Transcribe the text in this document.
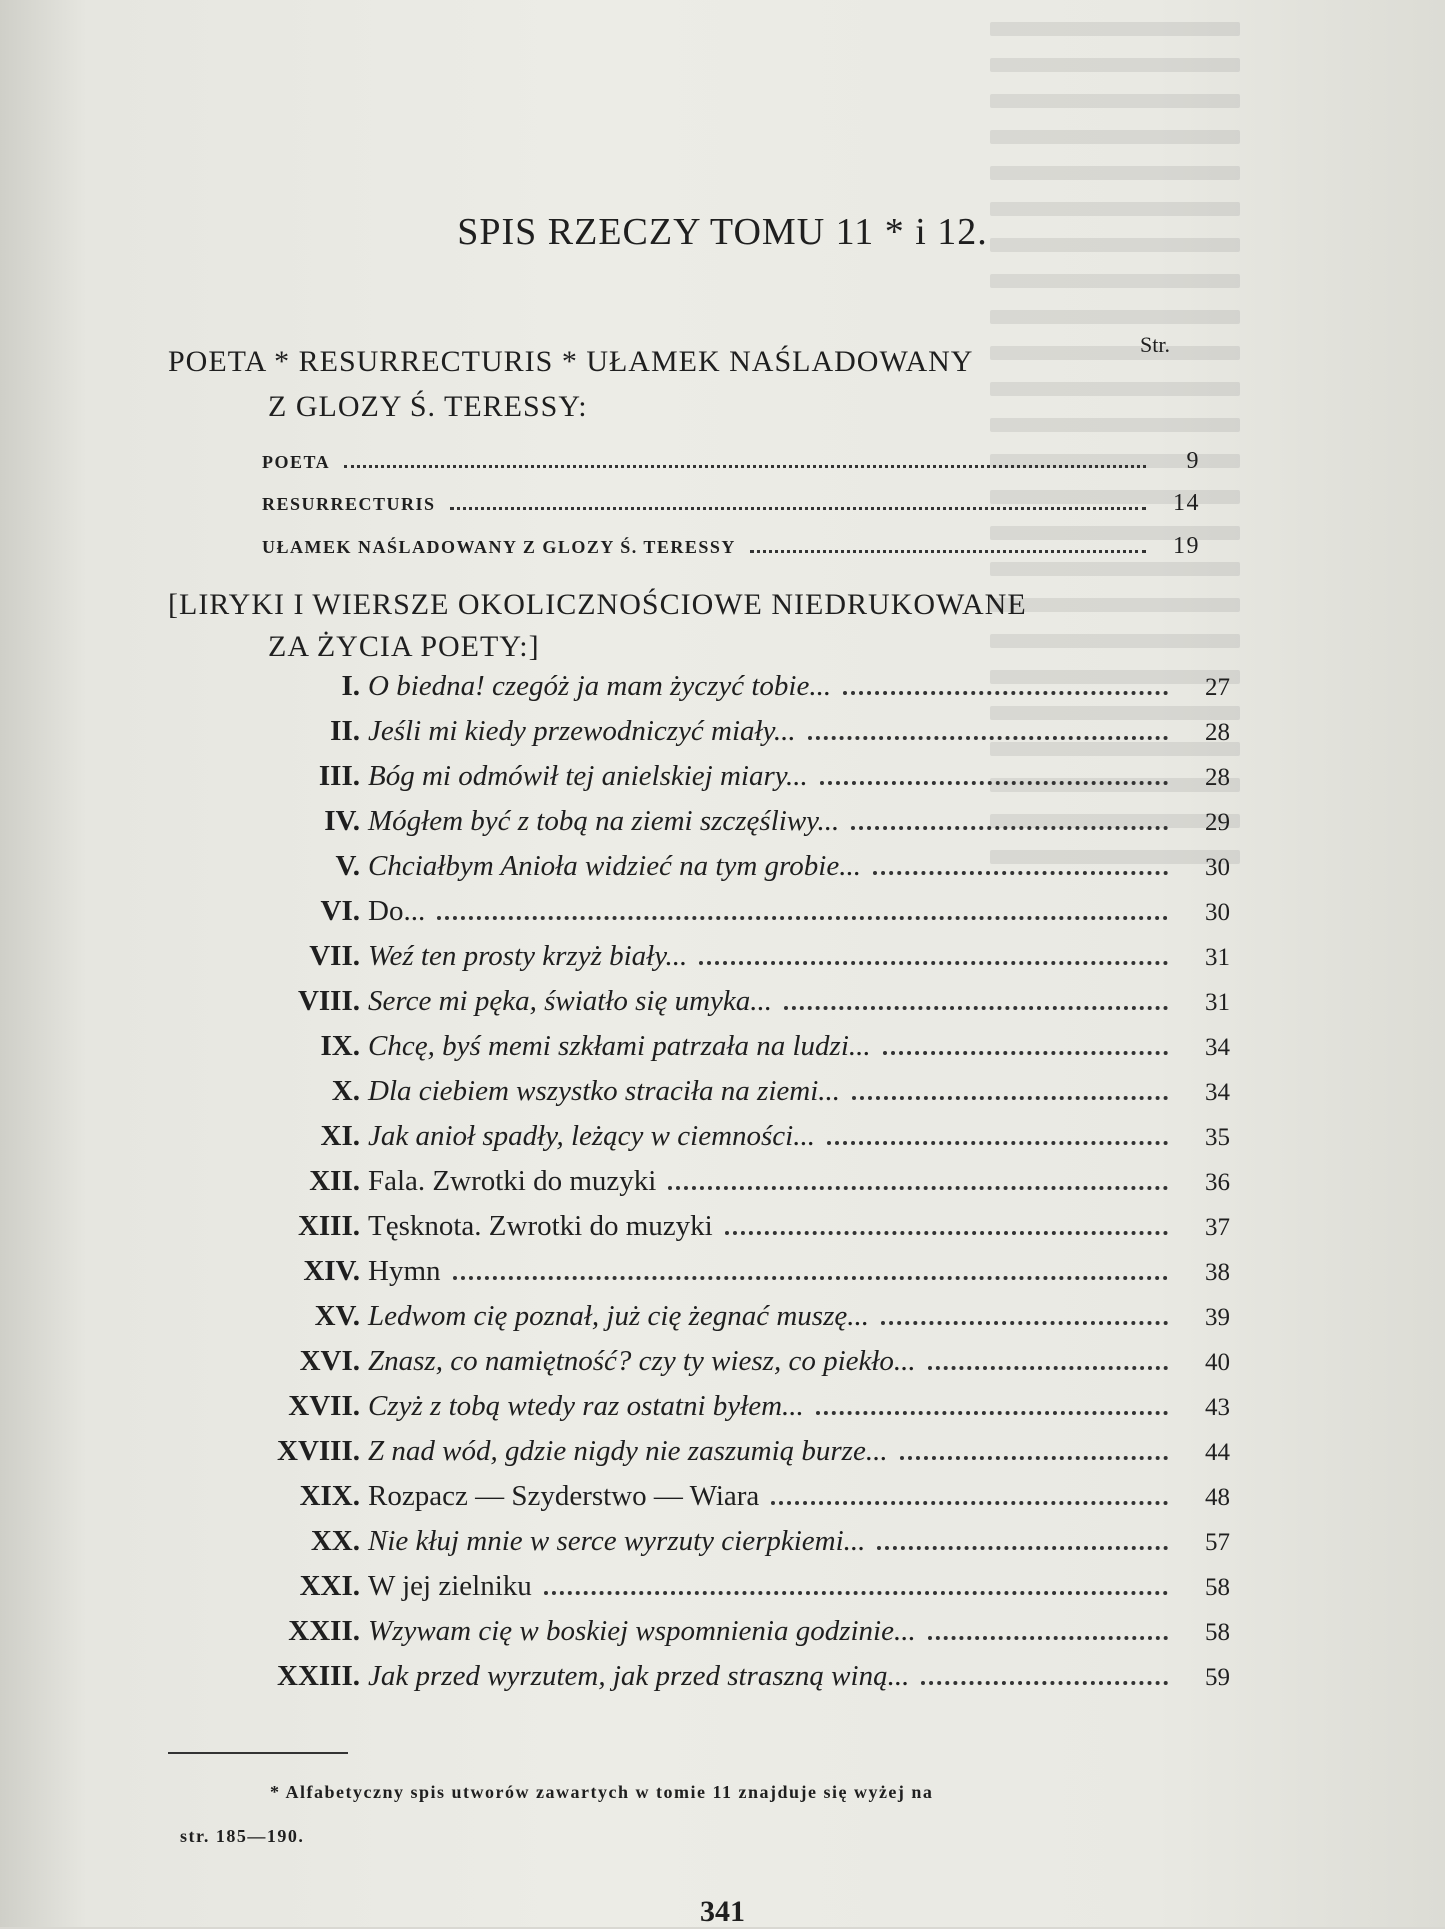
SPIS RZECZY TOMU 11 * i 12.
Str.
POETA * RESURRECTURIS * UŁAMEK NAŚLADOWANY
Z GLOZY Ś. TERESSY:
POETA	9
RESURRECTURIS	14
UŁAMEK NAŚLADOWANY Z GLOZY Ś. TERESSY	19
[LIRYKI I WIERSZE OKOLICZNOŚCIOWE NIEDRUKOWANE
ZA ŻYCIA POETY:]
I. O biedna! czegóż ja mam życzyć tobie...	27
II. Jeśli mi kiedy przewodniczyć miały...	28
III. Bóg mi odmówił tej anielskiej miary...	28
IV. Mógłem być z tobą na ziemi szczęśliwy...	29
V. Chciałbym Anioła widzieć na tym grobie...	30
VI. Do...	30
VII. Weź ten prosty krzyż biały...	31
VIII. Serce mi pęka, światło się umyka...	31
IX. Chcę, byś memi szkłami patrzała na ludzi...	34
X. Dla ciebiem wszystko straciła na ziemi...	34
XI. Jak anioł spadły, leżący w ciemności...	35
XII. Fala. Zwrotki do muzyki	36
XIII. Tęsknota. Zwrotki do muzyki	37
XIV. Hymn	38
XV. Ledwom cię poznał, już cię żegnać muszę...	39
XVI. Znasz, co namiętność? czy ty wiesz, co piekło...	40
XVII. Czyż z tobą wtedy raz ostatni byłem...	43
XVIII. Z nad wód, gdzie nigdy nie zaszumią burze...	44
XIX. Rozpacz — Szyderstwo — Wiara	48
XX. Nie kłuj mnie w serce wyrzuty cierpkiemi...	57
XXI. W jej zielniku	58
XXII. Wzywam cię w boskiej wspomnienia godzinie...	58
XXIII. Jak przed wyrzutem, jak przed straszną winą...	59
* Alfabetyczny spis utworów zawartych w tomie 11 znajduje się wyżej na
str. 185—190.
341
